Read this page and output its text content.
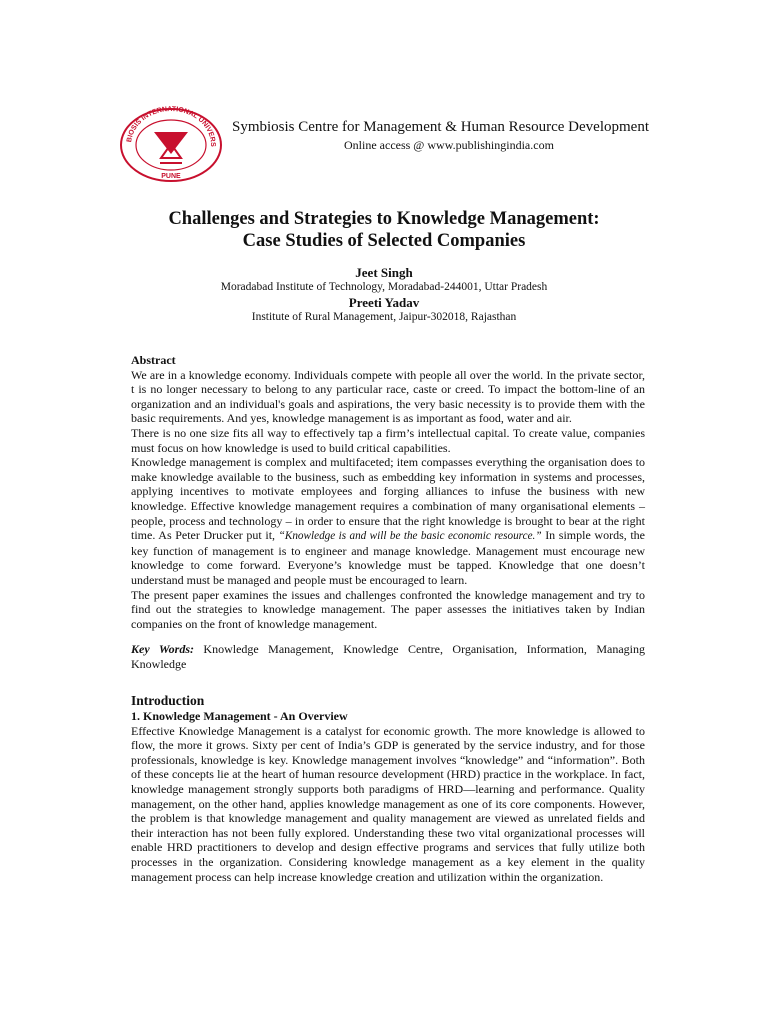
BIOSIS INTERNATIONAL UNIVERS
PUNE
Symbiosis Centre for Management & Human Resource Development
Online access @ www.publishingindia.com
Challenges and Strategies to Knowledge Management:
Case Studies of Selected Companies
Jeet Singh
Moradabad Institute of Technology, Moradabad-244001, Uttar Pradesh
Preeti Yadav
Institute of Rural Management, Jaipur-302018, Rajasthan

Abstract

We are in a knowledge economy. Individuals compete with people all over the world. In the private sector, t is no longer necessary to belong to any particular race, caste or creed. To impact the bottom-line of an organization and an individual's goals and aspirations, the very basic necessity is to provide them with the basic requirements. And yes, knowledge management is as important as food, water and air.

There is no one size fits all way to effectively tap a firm’s intellectual capital. To create value, companies must focus on how knowledge is used to build critical capabilities.

Knowledge management is complex and multifaceted; item compasses everything the organisation does to make knowledge available to the business, such as embedding key information in systems and processes, applying incentives to motivate employees and forging alliances to infuse the business with new knowledge. Effective knowledge management requires a combination of many organisational elements – people, process and technology – in order to ensure that the right knowledge is brought to bear at the right time. As Peter Drucker put it, “Knowledge is and will be the basic economic resource.” In simple words, the key function of management is to engineer and manage knowledge. Management must encourage new knowledge to come forward. Everyone’s knowledge must be tapped. Knowledge that one doesn’t understand must be managed and people must be encouraged to learn.

The present paper examines the issues and challenges confronted the knowledge management and try to find out the strategies to knowledge management. The paper assesses the initiatives taken by Indian companies on the front of knowledge management.

Key Words: Knowledge Management, Knowledge Centre, Organisation, Information, Managing Knowledge

Introduction

1. Knowledge Management - An Overview

Effective Knowledge Management is a catalyst for economic growth. The more knowledge is allowed to flow, the more it grows. Sixty per cent of India’s GDP is generated by the service industry, and for those professionals, knowledge is key. Knowledge management involves “knowledge” and “information”. Both of these concepts lie at the heart of human resource development (HRD) practice in the workplace. In fact, knowledge management strongly supports both paradigms of HRD—learning and performance. Quality management, on the other hand, applies knowledge management as one of its core components. However, the problem is that knowledge management and quality management are viewed as unrelated fields and their interaction has not been fully explored. Understanding these two vital organizational processes will enable HRD practitioners to develop and design effective programs and services that fully utilize both processes in the organization. Considering knowledge management as a key element in the quality management process can help increase knowledge creation and utilization within the organization.
